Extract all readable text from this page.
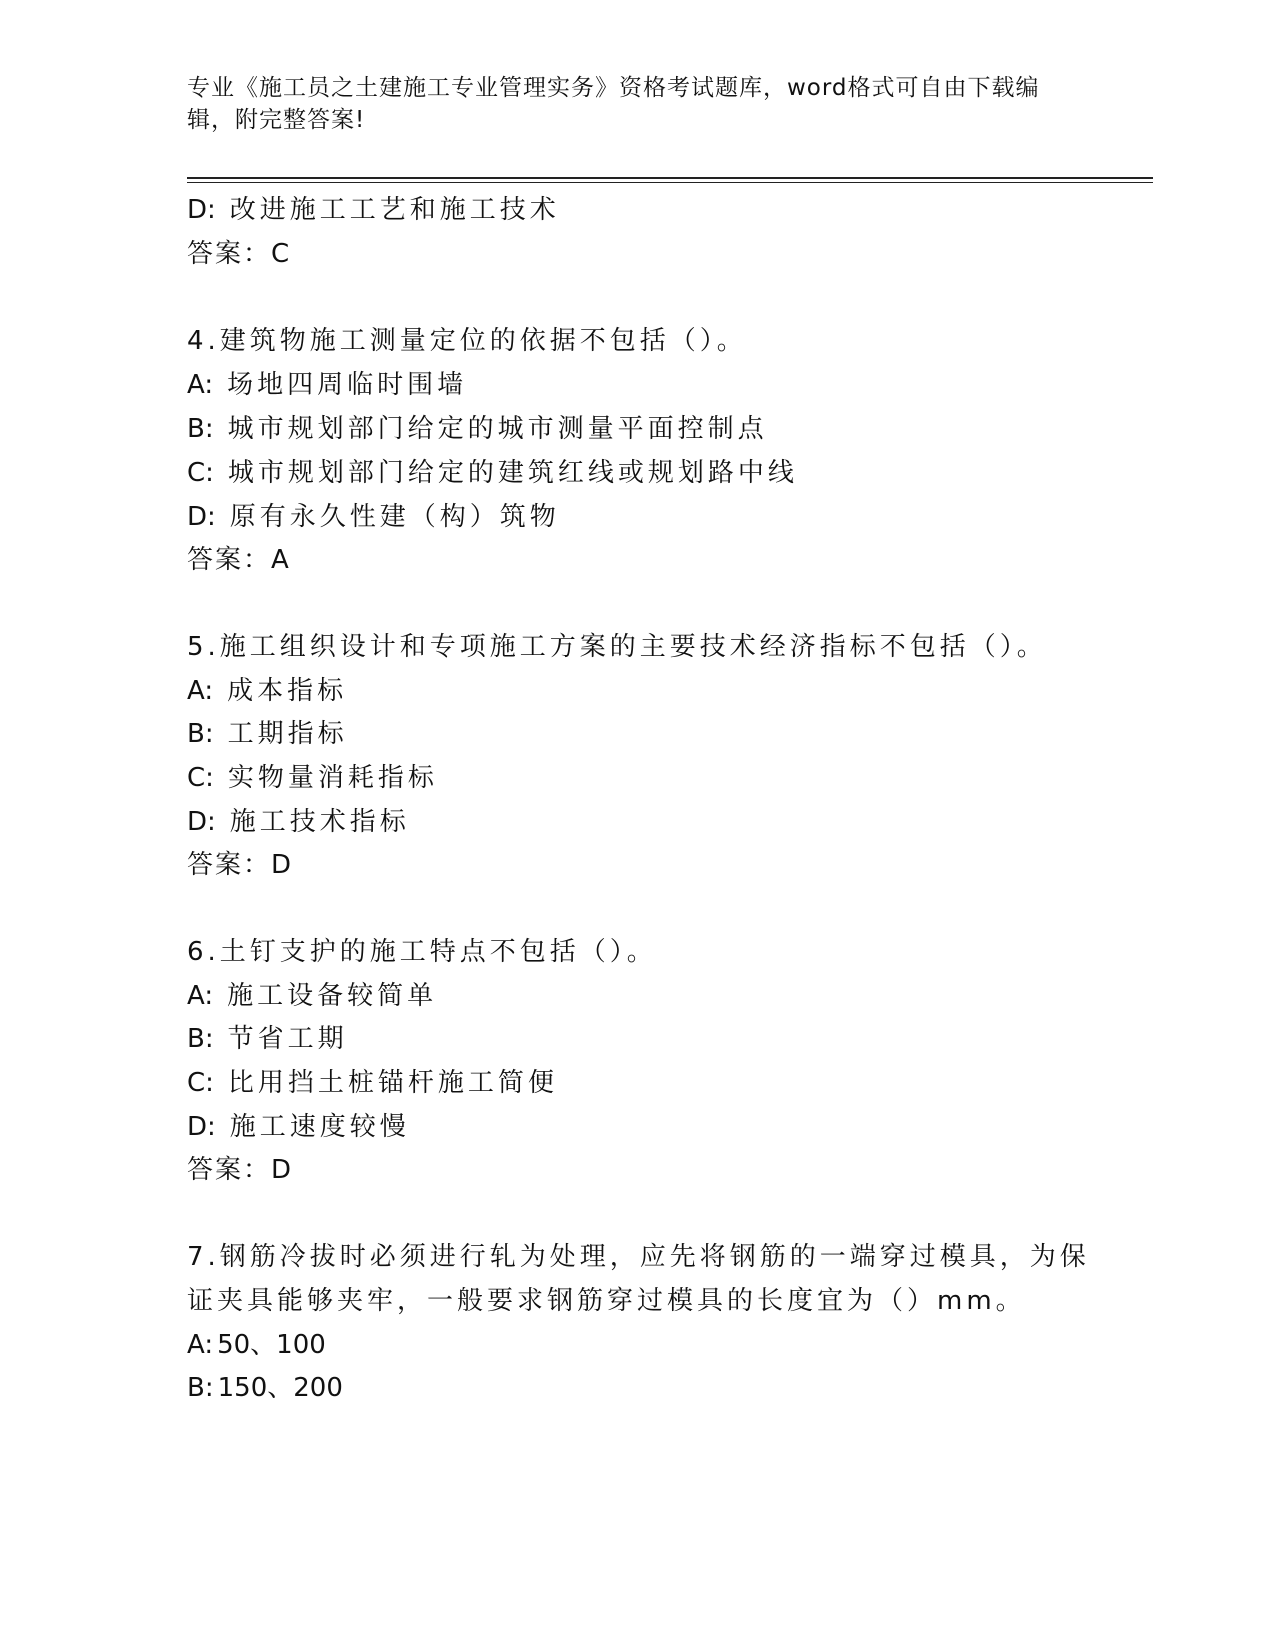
专业《施工员之土建施工专业管理实务》资格考试题库，word格式可自由下载编
辑，附完整答案!
D: 改进施工工艺和施工技术
答案：C
4.建筑物施工测量定位的依据不包括（）。
A: 场地四周临时围墙
B: 城市规划部门给定的城市测量平面控制点
C: 城市规划部门给定的建筑红线或规划路中线
D: 原有永久性建（构）筑物
答案：A
5.施工组织设计和专项施工方案的主要技术经济指标不包括（）。
A: 成本指标
B: 工期指标
C: 实物量消耗指标
D: 施工技术指标
答案：D
6.土钉支护的施工特点不包括（）。
A: 施工设备较简单
B: 节省工期
C: 比用挡土桩锚杆施工简便
D: 施工速度较慢
答案：D
7.钢筋冷拔时必须进行轧为处理，应先将钢筋的一端穿过模具，为保
证夹具能够夹牢，一般要求钢筋穿过模具的长度宜为（）mm。
A: 50、100
B: 150、200
